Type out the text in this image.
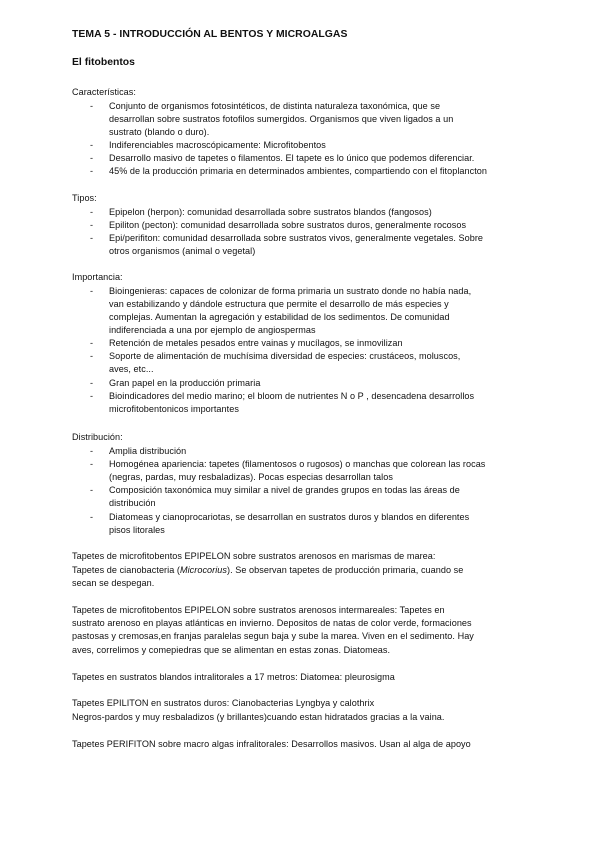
TEMA 5 - INTRODUCCIÓN AL BENTOS Y MICROALGAS
El fitobentos
Características:
- Conjunto de organismos fotosintéticos, de distinta naturaleza taxonómica, que se
desarrollan sobre sustratos fotofilos sumergidos. Organismos que viven ligados a un
sustrato (blando o duro).
- Indiferenciables macroscópicamente: Microfitobentos
- Desarrollo masivo de tapetes o filamentos. El tapete es lo único que podemos diferenciar.
- 45% de la producción primaria en determinados ambientes, compartiendo con el fitoplancton
Tipos:
- Epipelon (herpon): comunidad desarrollada sobre sustratos blandos (fangosos)
- Epiliton (pecton): comunidad desarrollada sobre sustratos duros, generalmente rocosos
- Epi/perifiton: comunidad desarrollada sobre sustratos vivos, generalmente vegetales. Sobre
otros organismos (animal o vegetal)
Importancia:
- Bioingenieras: capaces de colonizar de forma primaria un sustrato donde no había nada,
van estabilizando y dándole estructura que permite el desarrollo de más especies y
complejas. Aumentan la agregación y estabilidad de los sedimentos. De comunidad
indiferenciada a una por ejemplo de angiospermas
- Retención de metales pesados entre vainas y mucílagos, se inmovilizan
- Soporte de alimentación de muchísima diversidad de especies: crustáceos, moluscos,
aves, etc...
- Gran papel en la producción primaria
- Bioindicadores del medio marino; el bloom de nutrientes N o P , desencadena desarrollos
microfitobentonicos importantes
Distribución:
- Amplia distribución
- Homogénea apariencia: tapetes (filamentosos o rugosos) o manchas que colorean las rocas
(negras, pardas, muy resbaladizas). Pocas especias desarrollan talos
- Composición taxonómica muy similar a nivel de grandes grupos en todas las áreas de
distribución
- Diatomeas y cianoprocariotas, se desarrollan en sustratos duros y blandos en diferentes
pisos litorales
Tapetes de microfitobentos EPIPELON sobre sustratos arenosos en marismas de marea:
Tapetes de cianobacteria (Microcorius). Se observan tapetes de producción primaria, cuando se
secan se despegan.
Tapetes de microfitobentos EPIPELON sobre sustratos arenosos intermareales: Tapetes en
sustrato arenoso en playas atlánticas en invierno. Depositos de natas de color verde, formaciones
pastosas y cremosas,en franjas paralelas segun baja y sube la marea. Viven en el sedimento. Hay
aves, correlimos y comepiedras que se alimentan en estas zonas. Diatomeas.
Tapetes en sustratos blandos intralitorales a 17 metros: Diatomea: pleurosigma
Tapetes EPILITON en sustratos duros: Cianobacterias Lyngbya y calothrix
Negros-pardos y muy resbaladizos (y brillantes)cuando estan hidratados gracias a la vaina.
Tapetes PERIFITON sobre macro algas infralitorales: Desarrollos masivos. Usan al alga de apoyo
